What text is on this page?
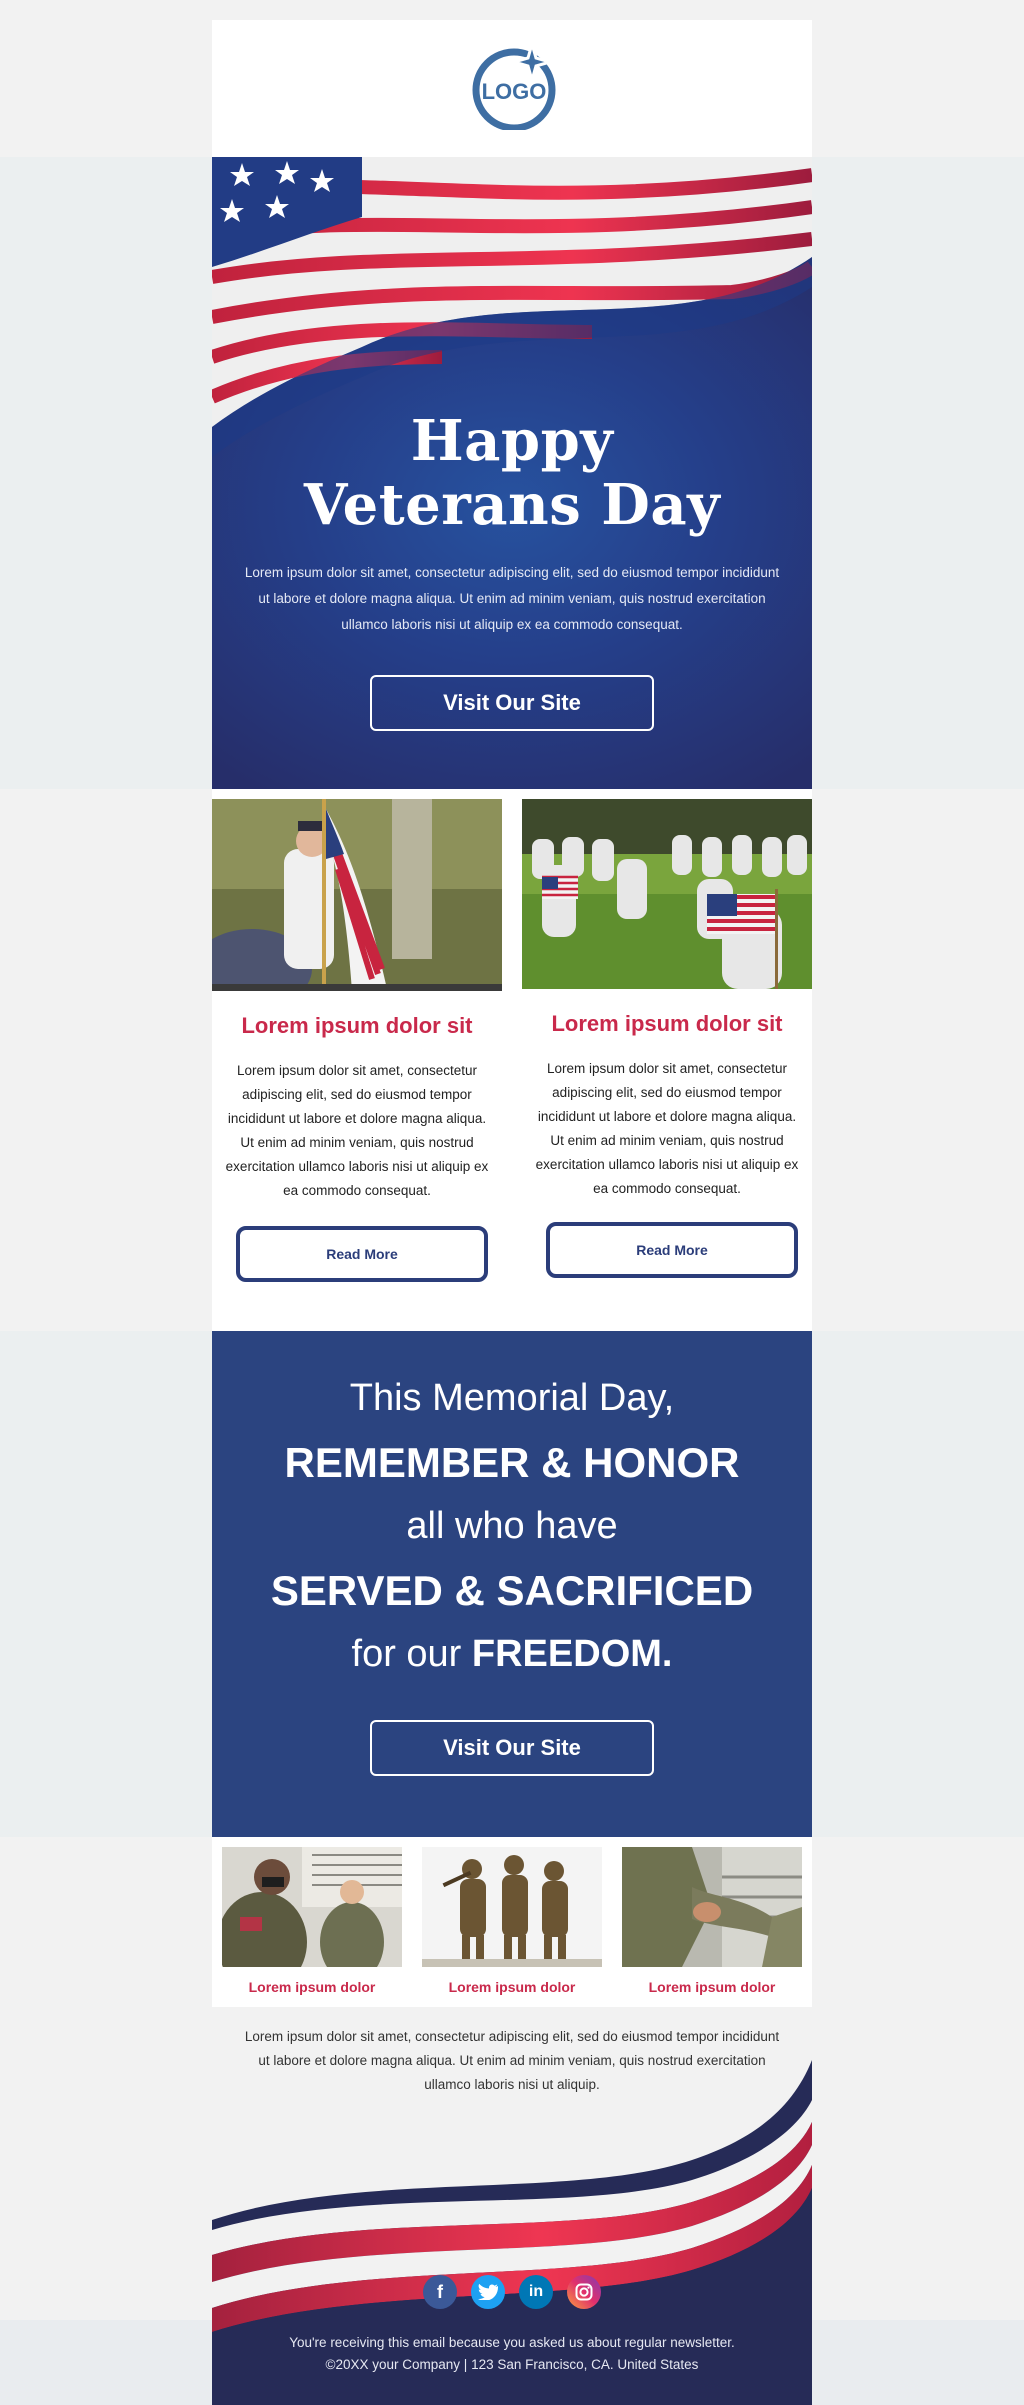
LOGO
Happy
Veterans Day
Lorem ipsum dolor sit amet, consectetur adipiscing elit, sed do eiusmod tempor incididunt ut labore et dolore magna aliqua. Ut enim ad minim veniam, quis nostrud exercitation ullamco laboris nisi ut aliquip ex ea commodo consequat.
Visit Our Site
Lorem ipsum dolor sit
Lorem ipsum dolor sit amet, consectetur adipiscing elit, sed do eiusmod tempor incididunt ut labore et dolore magna aliqua. Ut enim ad minim veniam, quis nostrud exercitation ullamco laboris nisi ut aliquip ex ea commodo consequat.
Read More
Lorem ipsum dolor sit
Lorem ipsum dolor sit amet, consectetur adipiscing elit, sed do eiusmod tempor incididunt ut labore et dolore magna aliqua. Ut enim ad minim veniam, quis nostrud exercitation ullamco laboris nisi ut aliquip ex ea commodo consequat.
Read More
This Memorial Day,
REMEMBER & HONOR
all who have
SERVED & SACRIFICED
for our FREEDOM.
Visit Our Site
Lorem ipsum dolor	Lorem ipsum dolor	Lorem ipsum dolor
Lorem ipsum dolor sit amet, consectetur adipiscing elit, sed do eiusmod tempor incididunt ut labore et dolore magna aliqua. Ut enim ad minim veniam, quis nostrud exercitation ullamco laboris nisi ut aliquip.
f	in
You're receiving this email because you asked us about regular newsletter.
©20XX your Company | 123 San Francisco, CA. United States
